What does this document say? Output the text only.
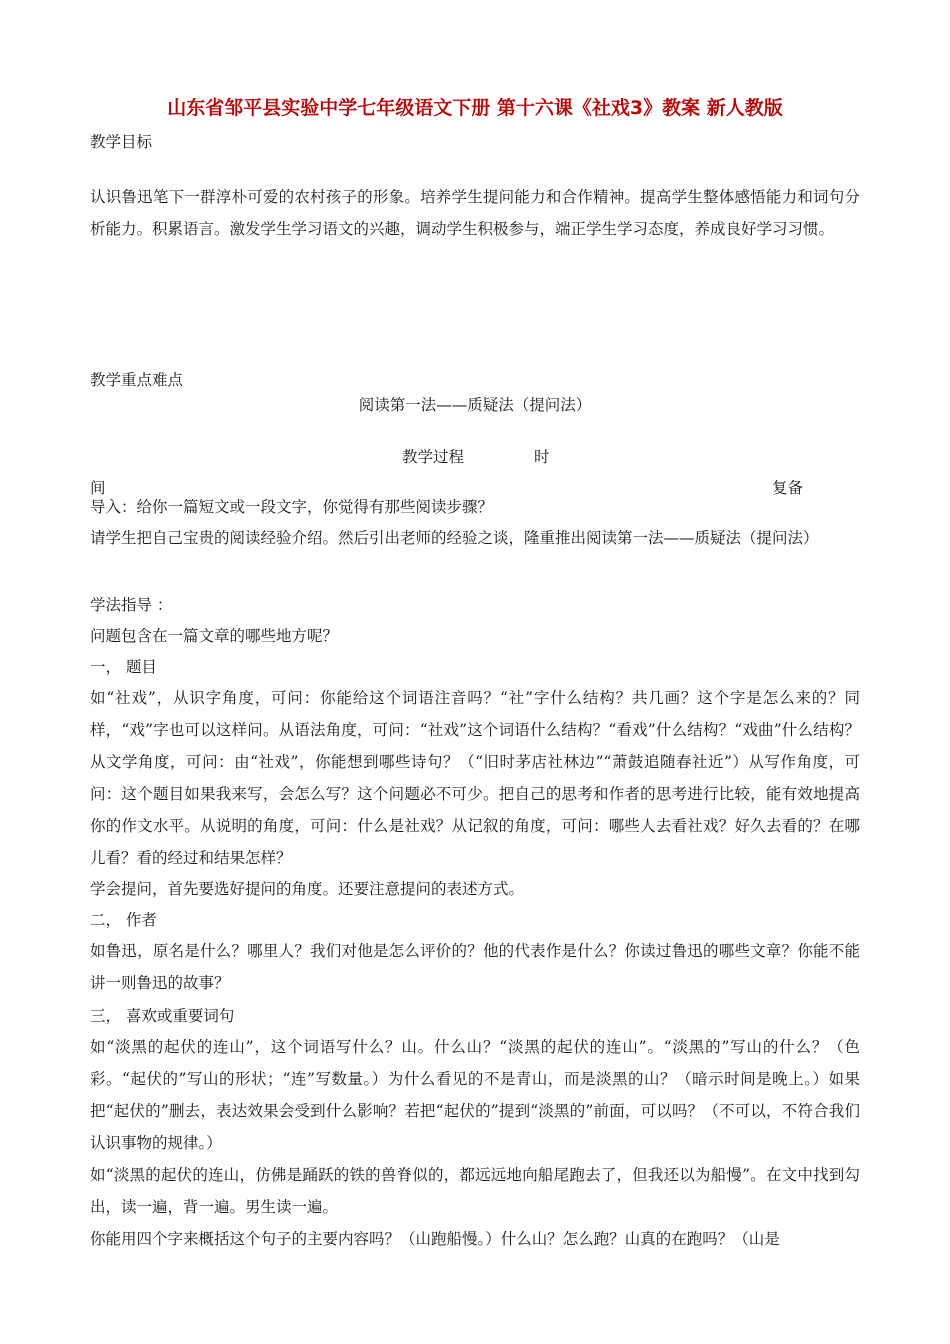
山东省邹平县实验中学七年级语文下册 第十六课《社戏3》教案 新人教版
教学目标
认识鲁迅笔下一群淳朴可爱的农村孩子的形象。培养学生提问能力和合作精神。提高学生整体感悟能力和词句分析能力。积累语言。激发学生学习语文的兴趣，调动学生积极参与，端正学生学习态度，养成良好学习习惯。
教学重点难点
阅读第一法——质疑法（提问法）
教学过程	时
间	复备
导入：给你一篇短文或一段文字，你觉得有那些阅读步骤？
请学生把自己宝贵的阅读经验介绍。然后引出老师的经验之谈，隆重推出阅读第一法——质疑法（提问法）
学法指导 ：
问题包含在一篇文章的哪些地方呢？
一， 题目
如“社戏”，从识字角度，可问：你能给这个词语注音吗？“社”字什么结构？共几画？这个字是怎么来的？同样，“戏”字也可以这样问。从语法角度，可问：“社戏”这个词语什么结构？“看戏”什么结构？“戏曲”什么结构？从文学角度，可问：由“社戏”，你能想到哪些诗句？（“旧时茅店社林边”“萧鼓追随春社近”）从写作角度，可问：这个题目如果我来写，会怎么写？这个问题必不可少。把自己的思考和作者的思考进行比较，能有效地提高你的作文水平。从说明的角度，可问：什么是社戏？从记叙的角度，可问：哪些人去看社戏？好久去看的？在哪儿看？看的经过和结果怎样？
学会提问，首先要选好提问的角度。还要注意提问的表述方式。
二， 作者
如鲁迅，原名是什么？哪里人？我们对他是怎么评价的？他的代表作是什么？你读过鲁迅的哪些文章？你能不能讲一则鲁迅的故事？
三， 喜欢或重要词句
如“淡黑的起伏的连山”，这个词语写什么？山。什么山？“淡黑的起伏的连山”。“淡黑的”写山的什么？（色彩。“起伏的”写山的形状；“连”写数量。）为什么看见的不是青山，而是淡黑的山？（暗示时间是晚上。）如果把“起伏的”删去，表达效果会受到什么影响？若把“起伏的”提到“淡黑的”前面，可以吗？（不可以，不符合我们认识事物的规律。）
如“淡黑的起伏的连山，仿佛是踊跃的铁的兽脊似的，都远远地向船尾跑去了，但我还以为船慢”。在文中找到勾出，读一遍，背一遍。男生读一遍。
你能用四个字来概括这个句子的主要内容吗？（山跑船慢。）什么山？怎么跑？山真的在跑吗？（山是
